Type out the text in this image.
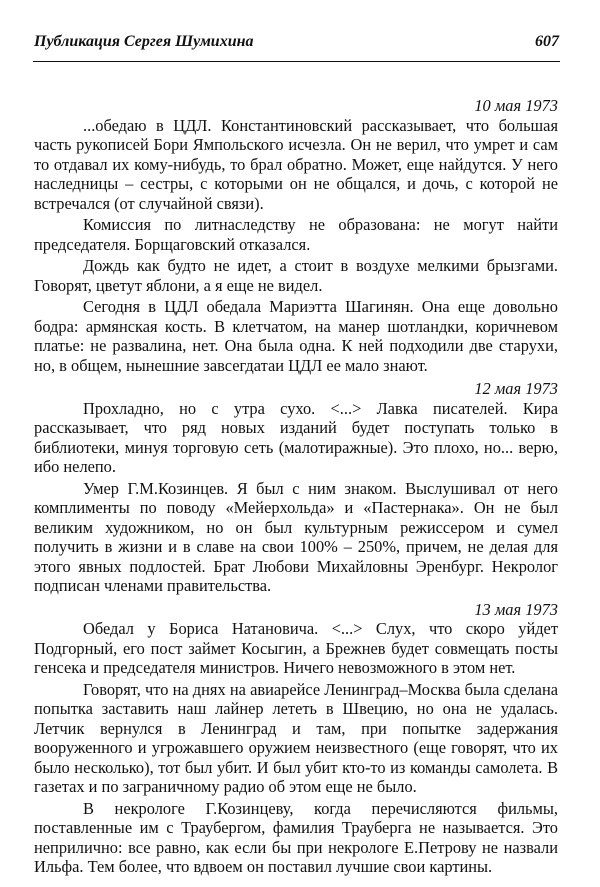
Публикация Сергея Шумихина	607
10 мая 1973

...обедаю в ЦДЛ. Константиновский рассказывает, что большая часть рукописей Бори Ямпольского исчезла. Он не верил, что умрет и сам то отдавал их кому-нибудь, то брал обратно. Может, еще найдутся. У него наследницы – сестры, с которыми он не общался, и дочь, с которой не встречался (от случайной связи).

Комиссия по литнаследству не образована: не могут найти председателя. Борщаговский отказался.

Дождь как будто не идет, а стоит в воздухе мелкими брызгами. Говорят, цветут яблони, а я еще не видел.

Сегодня в ЦДЛ обедала Мариэтта Шагинян. Она еще довольно бодра: армянская кость. В клетчатом, на манер шотландки, коричневом платье: не развалина, нет. Она была одна. К ней подходили две старухи, но, в общем, нынешние завсегдатаи ЦДЛ ее мало знают.

12 мая 1973

Прохладно, но с утра сухо. <...> Лавка писателей. Кира рассказывает, что ряд новых изданий будет поступать только в библиотеки, минуя торговую сеть (малотиражные). Это плохо, но... верю, ибо нелепо.

Умер Г.М.Козинцев. Я был с ним знаком. Выслушивал от него комплименты по поводу «Мейерхольда» и «Пастернака». Он не был великим художником, но он был культурным режиссером и сумел получить в жизни и в славе на свои 100% – 250%, причем, не делая для этого явных подлостей. Брат Любови Михайловны Эренбург. Некролог подписан членами правительства.

13 мая 1973

Обедал у Бориса Натановича. <...> Слух, что скоро уйдет Подгорный, его пост займет Косыгин, а Брежнев будет совмещать посты генсека и председателя министров. Ничего невозможного в этом нет.

Говорят, что на днях на авиарейсе Ленинград–Москва была сделана попытка заставить наш лайнер лететь в Швецию, но она не удалась. Летчик вернулся в Ленинград и там, при попытке задержания вооруженного и угрожавшего оружием неизвестного (еще говорят, что их было несколько), тот был убит. И был убит кто-то из команды самолета. В газетах и по заграничному радио об этом еще не было.

В некрологе Г.Козинцеву, когда перечисляются фильмы, поставленные им с Траубергом, фамилия Трауберга не называется. Это неприлично: все равно, как если бы при некрологе Е.Петрову не назвали Ильфа. Тем более, что вдвоем он поставил лучшие свои картины.
